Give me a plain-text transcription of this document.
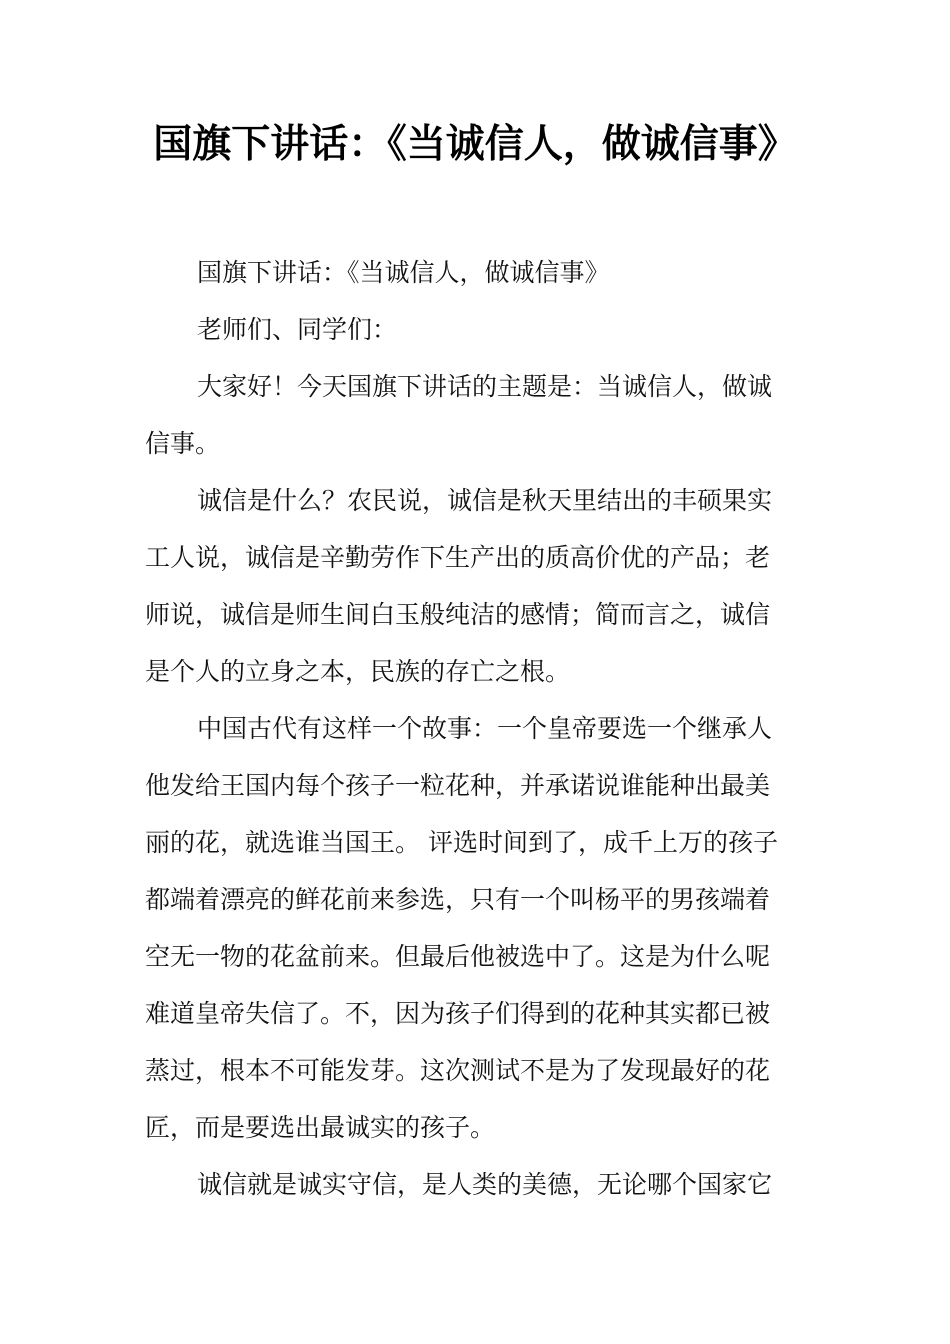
国旗下讲话：《当诚信人，做诚信事》
国旗下讲话：《当诚信人，做诚信事》
老师们、同学们：
大家好！今天国旗下讲话的主题是：当诚信人，做诚
信事。
诚信是什么？农民说，诚信是秋天里结出的丰硕果实
工人说，诚信是辛勤劳作下生产出的质高价优的产品；老
师说，诚信是师生间白玉般纯洁的感情；简而言之，诚信
是个人的立身之本，民族的存亡之根。
中国古代有这样一个故事：一个皇帝要选一个继承人
他发给王国内每个孩子一粒花种，并承诺说谁能种出最美
丽的花，就选谁当国王。 评选时间到了，成千上万的孩子
都端着漂亮的鲜花前来参选，只有一个叫杨平的男孩端着
空无一物的花盆前来。但最后他被选中了。这是为什么呢
难道皇帝失信了。不，因为孩子们得到的花种其实都已被
蒸过，根本不可能发芽。这次测试不是为了发现最好的花
匠，而是要选出最诚实的孩子。
诚信就是诚实守信，是人类的美德，无论哪个国家它
